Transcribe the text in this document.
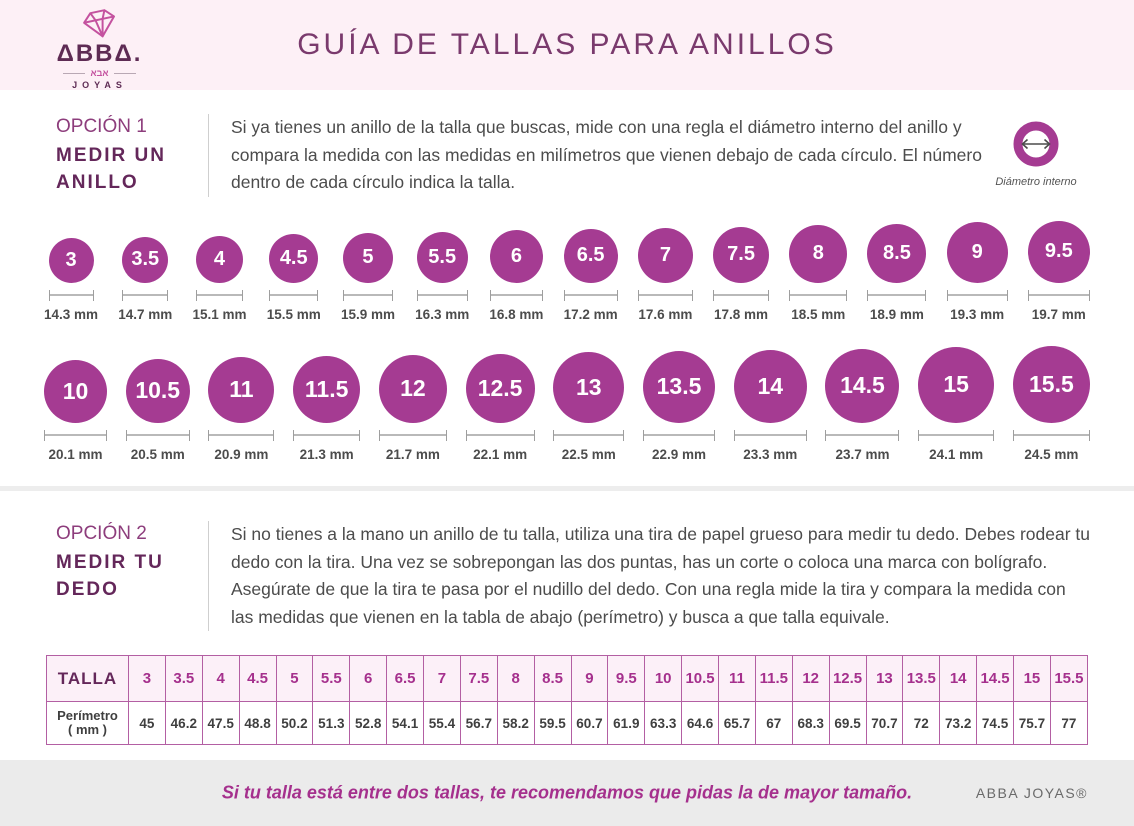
ΔBBΔ.
אבא
JOYAS
GUÍA DE TALLAS PARA ANILLOS
OPCIÓN 1
MEDIR UN ANILLO
Si ya tienes un anillo de la talla que buscas, mide con una regla el diámetro interno del anillo y compara la medida con las medidas en milímetros que vienen debajo de cada círculo. El número dentro de cada círculo indica la talla.	Diámetro interno
3
14.3 mm
3.5
14.7 mm
4
15.1 mm
4.5
15.5 mm
5
15.9 mm
5.5
16.3 mm
6
16.8 mm
6.5
17.2 mm
7
17.6 mm
7.5
17.8 mm
8
18.5 mm
8.5
18.9 mm
9
19.3 mm
9.5
19.7 mm
10
20.1 mm
10.5
20.5 mm
11
20.9 mm
11.5
21.3 mm
12
21.7 mm
12.5
22.1 mm
13
22.5 mm
13.5
22.9 mm
14
23.3 mm
14.5
23.7 mm
15
24.1 mm
15.5
24.5 mm
OPCIÓN 2
MEDIR TU DEDO
Si no tienes a la mano un anillo de tu talla, utiliza una tira de papel grueso para medir tu dedo. Debes rodear tu dedo con la tira. Una vez se sobrepongan las dos puntas, has un corte o coloca una marca con bolígrafo. Asegúrate de que la tira te pasa por el nudillo del dedo. Con una regla mide la tira y compara la medida con las medidas que vienen en la tabla de abajo (perímetro) y busca a que talla equivale.
TALLA	3	3.5	4	4.5	5	5.5	6	6.5	7	7.5	8	8.5	9	9.5	10	10.5	11	11.5	12	12.5	13	13.5	14	14.5	15	15.5
Perímetro
( mm )	45	46.2	47.5	48.8	50.2	51.3	52.8	54.1	55.4	56.7	58.2	59.5	60.7	61.9	63.3	64.6	65.7	67	68.3	69.5	70.7	72	73.2	74.5	75.7	77
Si tu talla está entre dos tallas, te recomendamos que pidas la de mayor tamaño.	ABBA JOYAS®
